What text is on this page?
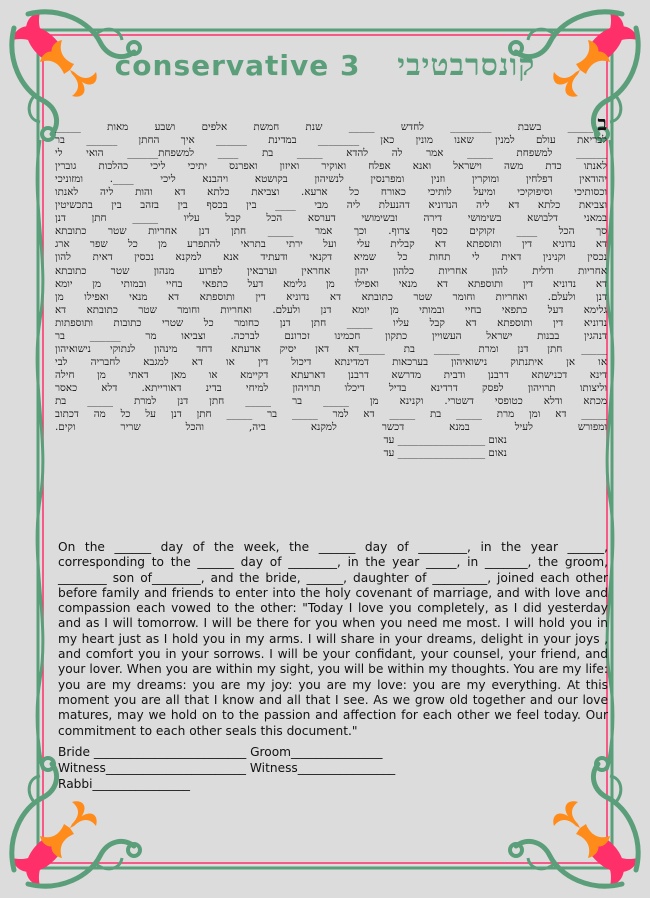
conservative 3 קונסרבטיבי
ב_____ בשבת ________ לחדש _____ שנת חמשת אלפים ושבע מאות _____
לבריאת עולם למנין שאנו מונין כאן ________ במדינת ______ איך החתן ______ בר
______ למשפחת _____ אמר לה להדא _____ בת ____ למשפחת______ הואי לי
לאנתו כדת משה וישראל ואנא אפלח ואוקיר ואיזון ואפרנס יתיכי ליכי כהלכות גוברין
יהודאין דפלחין ומוקרין וזנין ומפרנסין לנשיהון בקושטא ויהבנא ליכי ____. ומזוניכי
וכסותיכי וסיפוקיכי ומיעל לותיכי כאורח כל ארעא. וצביאת כלתא דא והות ליה לאנתו
וצביאת כלתא דא ליה הנדוניא דהנעלת ליה מבי ____ בין בכסף בין בזהב בין בתכשיטין
במאני דלבושא בשימושי דירה ובשימושי דערסא הכל קבל עליו _____ חתן דנן
סך הכל ____ זקוקים כסף צרוף. וכך אמר _____ חתן דנן אחריות שטר כתובתא
דא נדוניא דין ותוספתא דא קבלית עלי ועל ירתי בתראי להתפרע מן כל שפר ארג
נכסין וקנינין דאית לי תחות כל שמיא דקנאי ודעתיד אנא למקנא נכסין דאית להון
אחריות ודלית להון אחריות כלהון יהון אחראין וערבאין לפרוע מנהון שטר כתובתא
דא נדוניא דין ותוספתא דא מנאי ואפילו מן גלימא דעל כתפאי בחיי ובמותי מן יומא
דנן ולעלם. ואחריות וחומר שטר כתובתא דא נדוניא דין ותוספתא דא מנאי ואפילו מן
גלימא דעל כתפאי בחיי ובמותי מן יומא דנן ולעלם. ואחריות וחומר שטר כתובתא דא
נדוניא דין ותוספתא דא קבל עליו _____ חתן דנן כחומר כל שטרי כתובות ותוספתות
דנהגין בבנות ישראל העשויין כתקון חכמינו זכרונם לברכה. וצביאו מר ______ בר
_____ חתן דנן ומרת _____ בת _____דא דאן יסיק אדעתא דחד מינהון לנתוקי נישואיהון
או אן איתנתוק נישואיהון בערכאות דמדינתא דיכול דין או דא למגבא לחבריה לבי
דינא דכנישתא דרבנן ודבית מדרשא דרבנן דארעתא דקיימא או מאן דאתי מן חילה
וליצותו תרויהון לפסק דרדינא בדיל דיכלו תרויהון למיחי בדינ דאורייתא. דלא כאסר
מכתא ודלא כטופסי דשטרי. וקנינא מן _____ בר _____ חתן דנן למרת _____ בת
_____ דא ומן מרת _____ בת _____ דא למר _____ בר _____ חתן דנן על כל מה דכתוב
ומפורש לעיל במנא דכשר למקנא ביה, והכל שריר וקים.
נאום _________________ עד
נאום _________________ עד
On the ______ day of the week, the ______ day of ________, in the year ______, corresponding to the ______ day of ________, in the year _____, in _______, the groom, ________ son of________, and the bride, ______, daughter of _________, joined each other before family and friends to enter into the holy covenant of marriage, and with love and compassion each vowed to the other: "Today I love you completely, as I did yesterday and as I will tomorrow. I will be there for you when you need me most. I will hold you in my heart just as I hold you in my arms. I will share in your dreams, delight in your joys , and comfort you in your sorrows. I will be your confidant, your counsel, your friend, and your lover. When you are within my sight, you will be within my thoughts. You are my life: you are my dreams: you are my joy: you are my love: you are my everything. At this moment you are all that I know and all that I see. As we grow old together and our love matures, may we hold on to the passion and affection for each other we feel today. Our commitment to each other seals this document."
Bride _________________________ Groom_______________
Witness_______________________ Witness________________
Rabbi________________
